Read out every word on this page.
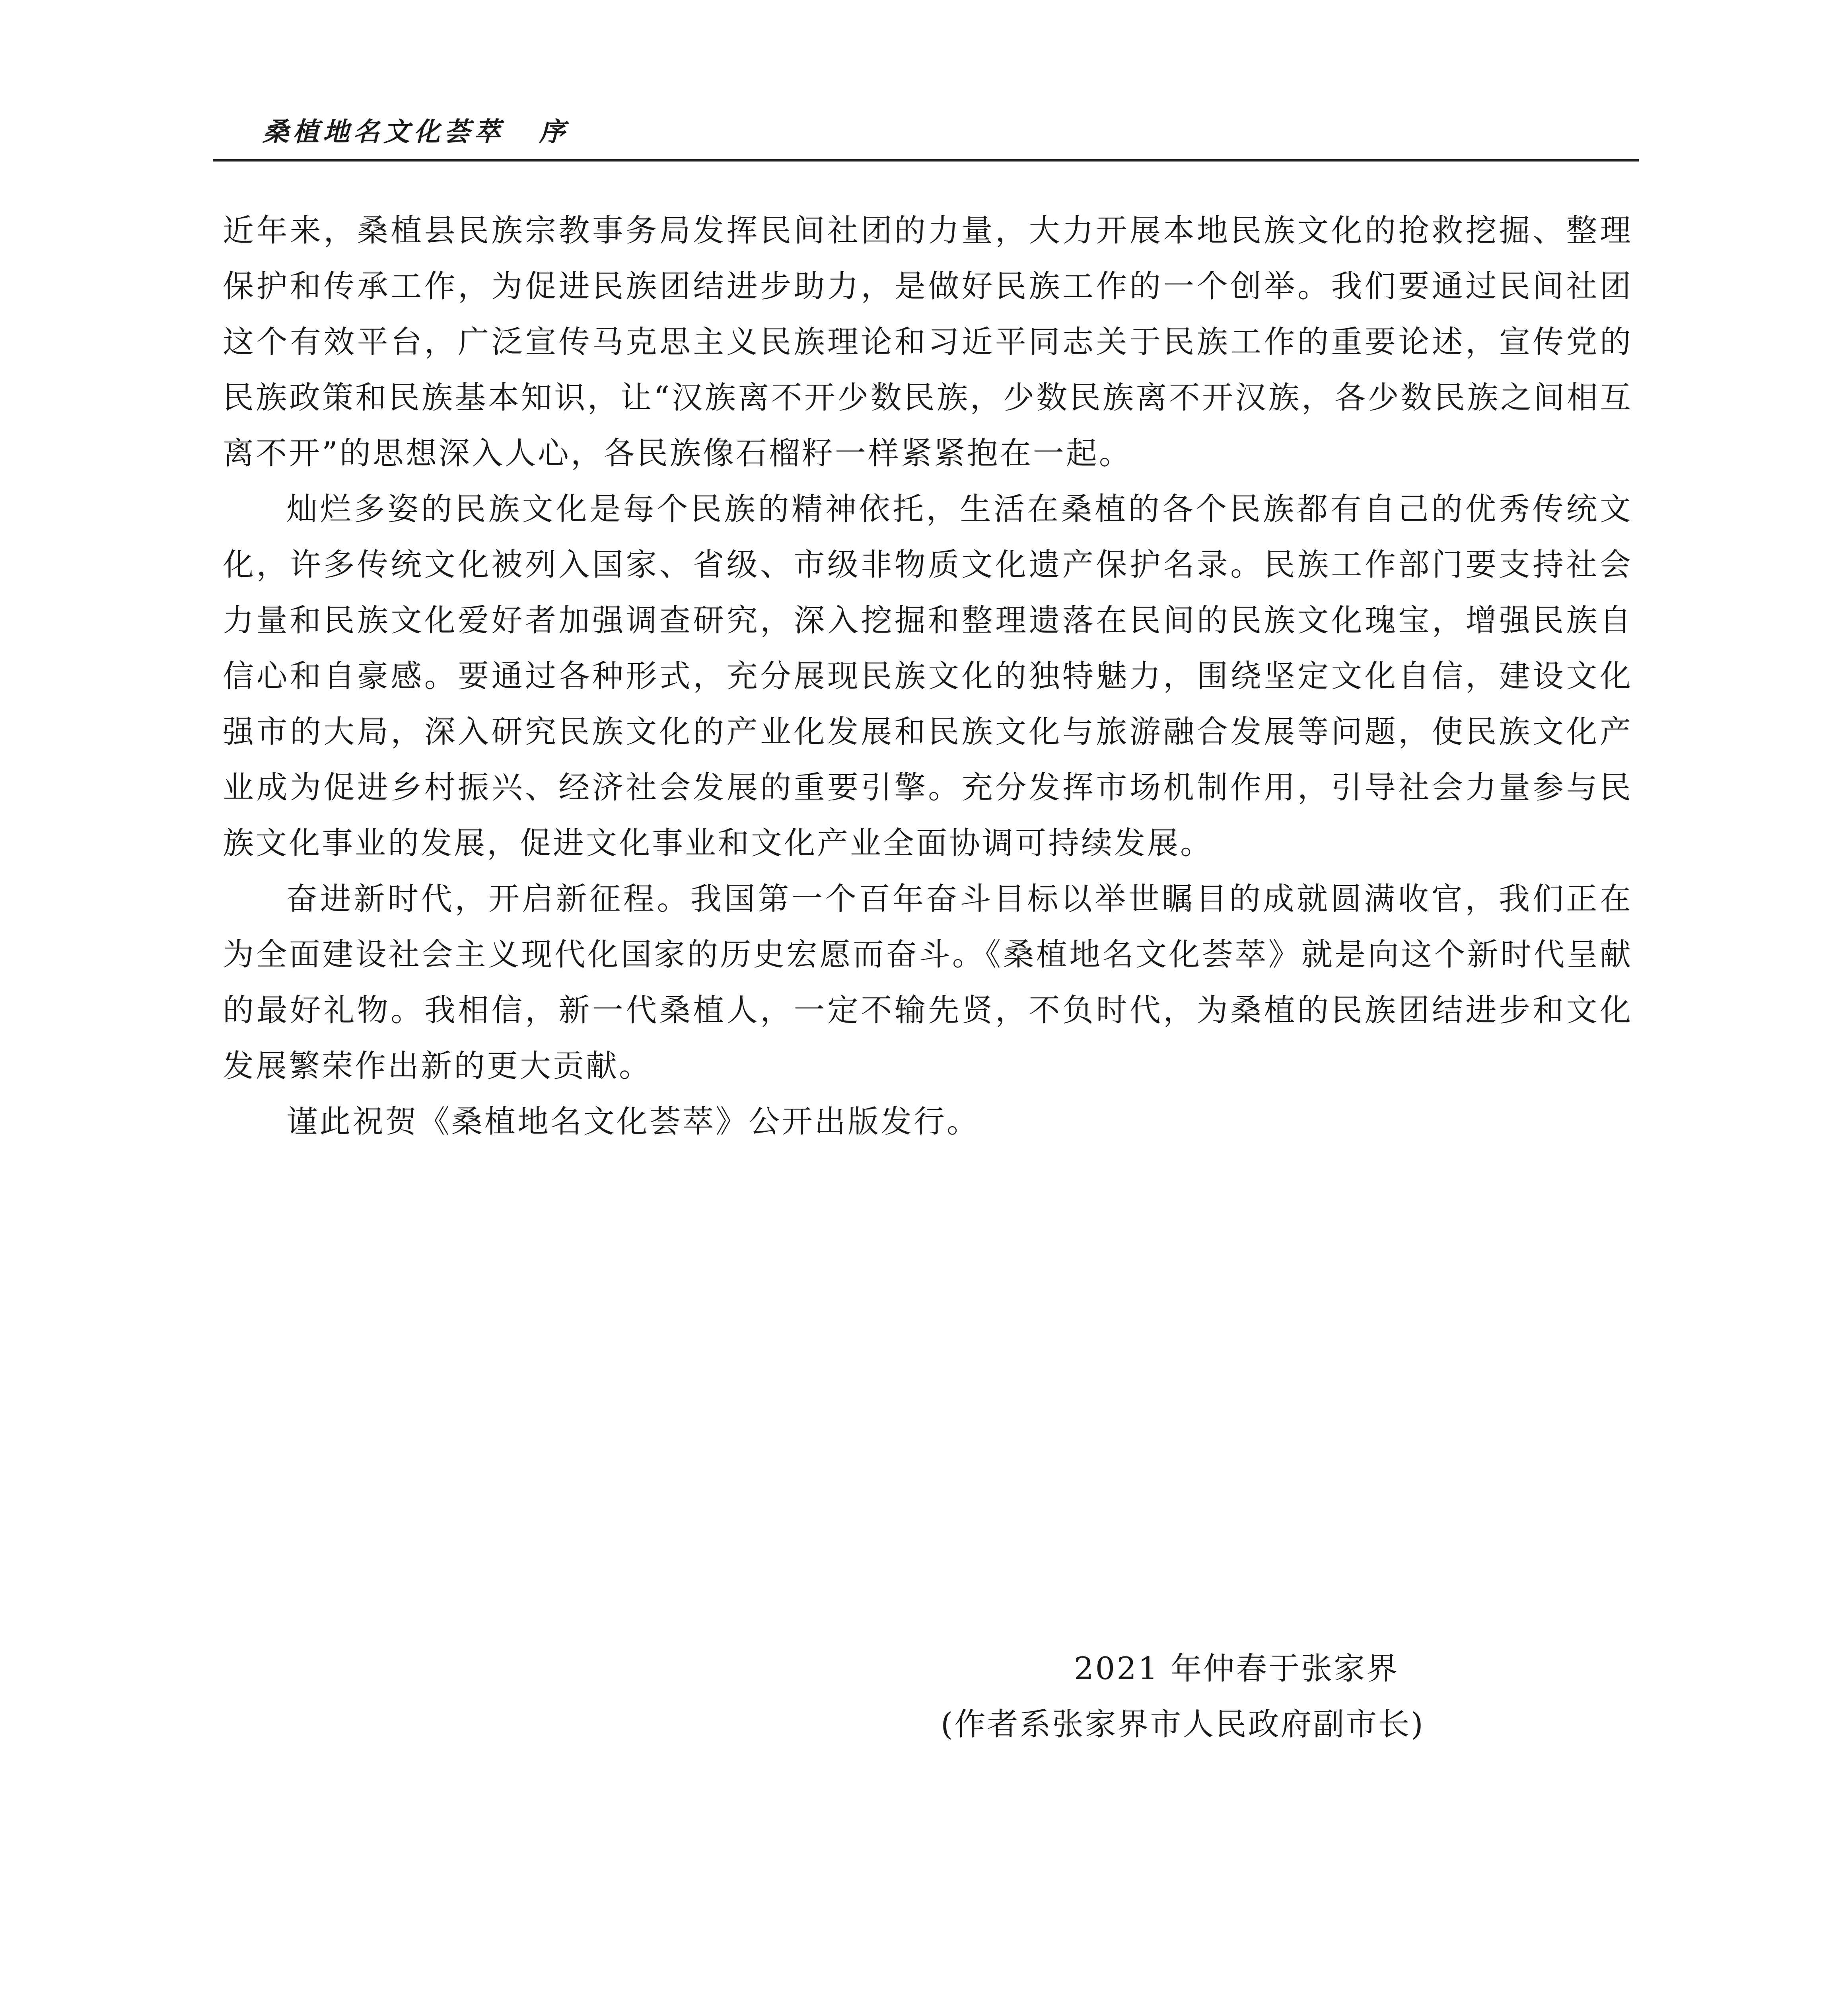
桑植地名文化荟萃 序

近年来，桑植县民族宗教事务局发挥民间社团的力量，大力开展本地民族文化的抢救挖掘、整理保护和传承工作，为促进民族团结进步助力，是做好民族工作的一个创举。我们要通过民间社团这个有效平台，广泛宣传马克思主义民族理论和习近平同志关于民族工作的重要论述，宣传党的民族政策和民族基本知识，让“汉族离不开少数民族，少数民族离不开汉族，各少数民族之间相互离不开”的思想深入人心，各民族像石榴籽一样紧紧抱在一起。

灿烂多姿的民族文化是每个民族的精神依托，生活在桑植的各个民族都有自己的优秀传统文化，许多传统文化被列入国家、省级、市级非物质文化遗产保护名录。民族工作部门要支持社会力量和民族文化爱好者加强调查研究，深入挖掘和整理遗落在民间的民族文化瑰宝，增强民族自信心和自豪感。要通过各种形式，充分展现民族文化的独特魅力，围绕坚定文化自信，建设文化强市的大局，深入研究民族文化的产业化发展和民族文化与旅游融合发展等问题，使民族文化产业成为促进乡村振兴、经济社会发展的重要引擎。充分发挥市场机制作用，引导社会力量参与民族文化事业的发展，促进文化事业和文化产业全面协调可持续发展。

奋进新时代，开启新征程。我国第一个百年奋斗目标以举世瞩目的成就圆满收官，我们正在为全面建设社会主义现代化国家的历史宏愿而奋斗。《桑植地名文化荟萃》就是向这个新时代呈献的最好礼物。我相信，新一代桑植人，一定不输先贤，不负时代，为桑植的民族团结进步和文化发展繁荣作出新的更大贡献。

谨此祝贺《桑植地名文化荟萃》公开出版发行。

2021 年仲春于张家界
(作者系张家界市人民政府副市长)
